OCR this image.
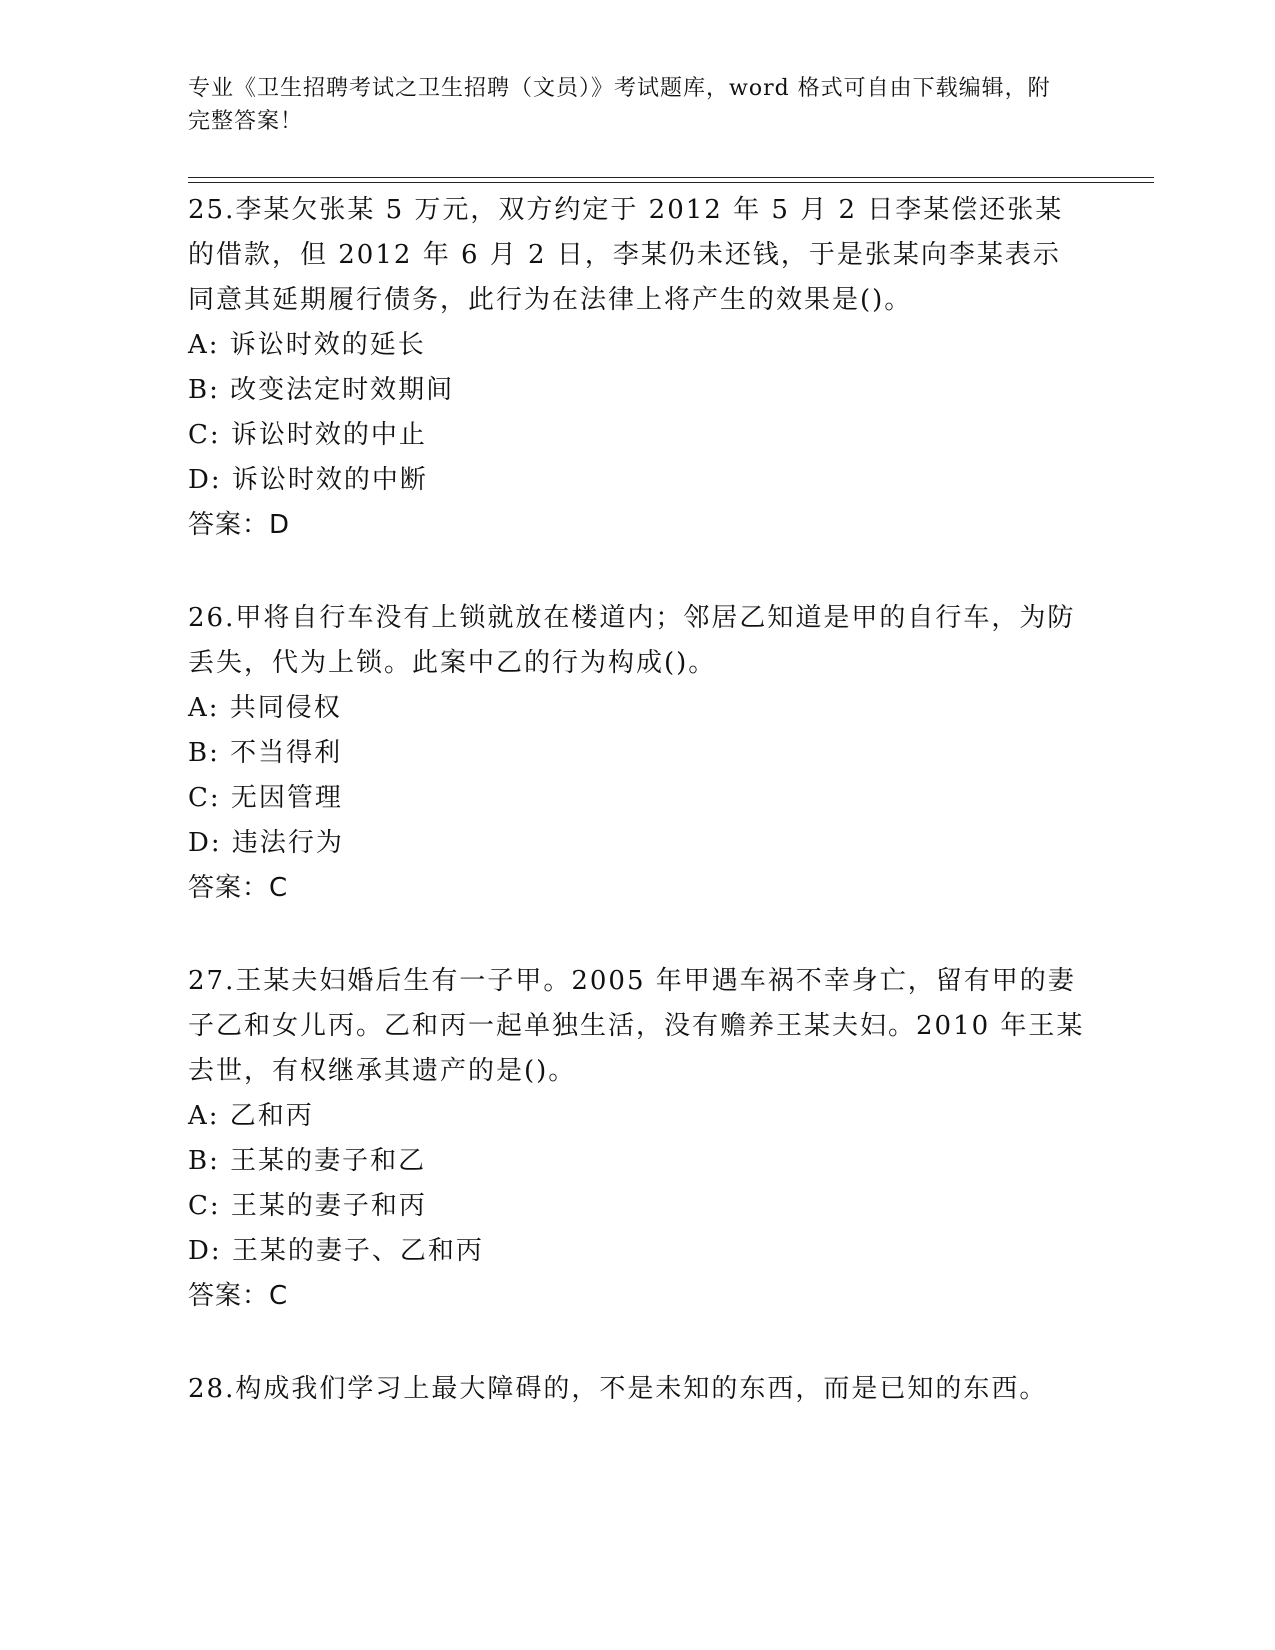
专业《卫生招聘考试之卫生招聘（文员）》考试题库，word 格式可自由下载编辑，附完整答案！
25.李某欠张某 5 万元，双方约定于 2012 年 5 月 2 日李某偿还张某的借款，但 2012 年 6 月 2 日，李某仍未还钱，于是张某向李某表示同意其延期履行债务，此行为在法律上将产生的效果是()。
A: 诉讼时效的延长
B: 改变法定时效期间
C: 诉讼时效的中止
D: 诉讼时效的中断
答案：D
26.甲将自行车没有上锁就放在楼道内；邻居乙知道是甲的自行车，为防丢失，代为上锁。此案中乙的行为构成()。
A: 共同侵权
B: 不当得利
C: 无因管理
D: 违法行为
答案：C
27.王某夫妇婚后生有一子甲。2005 年甲遇车祸不幸身亡，留有甲的妻子乙和女儿丙。乙和丙一起单独生活，没有赡养王某夫妇。2010 年王某去世，有权继承其遗产的是()。
A: 乙和丙
B: 王某的妻子和乙
C: 王某的妻子和丙
D: 王某的妻子、乙和丙
答案：C
28.构成我们学习上最大障碍的，不是未知的东西，而是已知的东西。
